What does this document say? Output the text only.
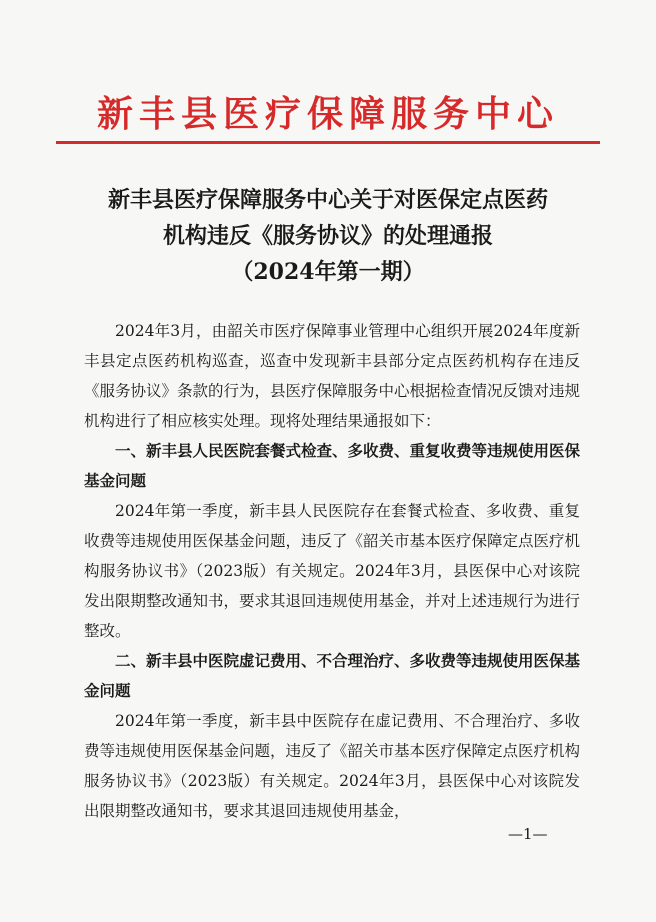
新丰县医疗保障服务中心
新丰县医疗保障服务中心关于对医保定点医药
机构违反《服务协议》的处理通报
（2024年第一期）

2024年3月，由韶关市医疗保障事业管理中心组织开展2024年度新丰县定点医药机构巡查，巡查中发现新丰县部分定点医药机构存在违反《服务协议》条款的行为，县医疗保障服务中心根据检查情况反馈对违规机构进行了相应核实处理。现将处理结果通报如下：

一、新丰县人民医院套餐式检查、多收费、重复收费等违规使用医保基金问题

2024年第一季度，新丰县人民医院存在套餐式检查、多收费、重复收费等违规使用医保基金问题，违反了《韶关市基本医疗保障定点医疗机构服务协议书》（2023版）有关规定。2024年3月，县医保中心对该院发出限期整改通知书，要求其退回违规使用基金，并对上述违规行为进行整改。

二、新丰县中医院虚记费用、不合理治疗、多收费等违规使用医保基金问题

2024年第一季度，新丰县中医院存在虚记费用、不合理治疗、多收费等违规使用医保基金问题，违反了《韶关市基本医疗保障定点医疗机构服务协议书》（2023版）有关规定。2024年3月，县医保中心对该院发出限期整改通知书，要求其退回违规使用基金，

—1—
